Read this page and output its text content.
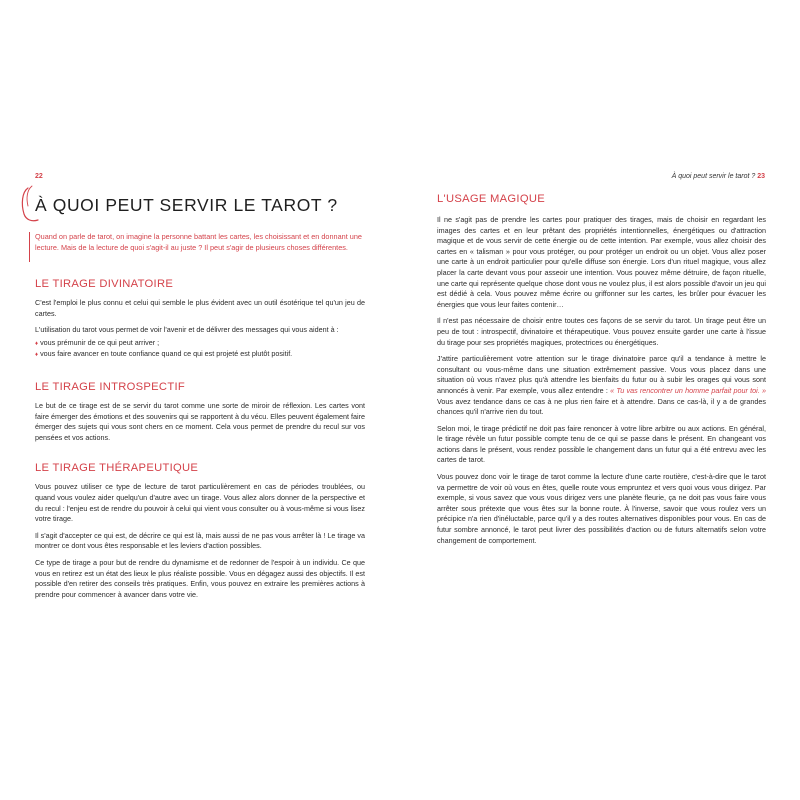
22
À QUOI PEUT SERVIR LE TAROT ?

Quand on parle de tarot, on imagine la personne battant les cartes, les choisissant et en donnant une lecture. Mais de la lecture de quoi s'agit-il au juste ? Il peut s'agir de plusieurs choses différentes.

LE TIRAGE DIVINATOIRE

C'est l'emploi le plus connu et celui qui semble le plus évident avec un outil ésotérique tel qu'un jeu de cartes.

L'utilisation du tarot vous permet de voir l'avenir et de délivrer des messages qui vous aident à :

♦ vous prémunir de ce qui peut arriver ;
♦ vous faire avancer en toute confiance quand ce qui est projeté est plutôt positif.
LE TIRAGE INTROSPECTIF

Le but de ce tirage est de se servir du tarot comme une sorte de miroir de réflexion. Les cartes vont faire émerger des émotions et des souvenirs qui se rapportent à du vécu. Elles peuvent également faire émerger des sujets qui vous sont chers en ce moment. Cela vous permet de prendre du recul sur vos pensées et vos actions.

LE TIRAGE THÉRAPEUTIQUE

Vous pouvez utiliser ce type de lecture de tarot particulièrement en cas de périodes troublées, ou quand vous voulez aider quelqu'un d'autre avec un tirage. Vous allez alors donner de la perspective et du recul : l'enjeu est de rendre du pouvoir à celui qui vient vous consulter ou à vous-même si vous lisez votre tirage.

Il s'agit d'accepter ce qui est, de décrire ce qui est là, mais aussi de ne pas vous arrêter là ! Le tirage va montrer ce dont vous êtes responsable et les leviers d'action possibles.

Ce type de tirage a pour but de rendre du dynamisme et de redonner de l'espoir à un individu. Ce que vous en retirez est un état des lieux le plus réaliste possible. Vous en dégagez aussi des objectifs. Il est possible d'en retirer des conseils très pratiques. Enfin, vous pouvez en extraire les premières actions à prendre pour commencer à avancer dans votre vie.

À quoi peut servir le tarot ? 23
L'USAGE MAGIQUE

Il ne s'agit pas de prendre les cartes pour pratiquer des tirages, mais de choisir en regardant les images des cartes et en leur prêtant des propriétés intentionnelles, énergétiques ou d'attraction magique et de vous servir de cette énergie ou de cette intention. Par exemple, vous allez choisir des cartes en « talisman » pour vous protéger, ou pour protéger un endroit ou un objet. Vous allez poser une carte à un endroit particulier pour qu'elle diffuse son énergie. Lors d'un rituel magique, vous allez placer la carte devant vous pour asseoir une intention. Vous pouvez même détruire, de façon rituelle, une carte qui représente quelque chose dont vous ne voulez plus, il est alors possible d'avoir un jeu qui est dédié à cela. Vous pouvez même écrire ou griffonner sur les cartes, les brûler pour évacuer les énergies que vous leur faites contenir…

Il n'est pas nécessaire de choisir entre toutes ces façons de se servir du tarot. Un tirage peut être un peu de tout : introspectif, divinatoire et thérapeutique. Vous pouvez ensuite garder une carte à l'issue du tirage pour ses propriétés magiques, protectrices ou énergétiques.

J'attire particulièrement votre attention sur le tirage divinatoire parce qu'il a tendance à mettre le consultant ou vous-même dans une situation extrêmement passive. Vous vous placez dans une situation où vous n'avez plus qu'à attendre les bienfaits du futur ou à subir les orages qui vous sont annoncés à venir. Par exemple, vous allez entendre : « Tu vas rencontrer un homme parfait pour toi. » Vous avez tendance dans ce cas à ne plus rien faire et à attendre. Dans ce cas-là, il y a de grandes chances qu'il n'arrive rien du tout.

Selon moi, le tirage prédictif ne doit pas faire renoncer à votre libre arbitre ou aux actions. En général, le tirage révèle un futur possible compte tenu de ce qui se passe dans le présent. En changeant vos actions dans le présent, vous rendez possible le changement dans un futur qui a été entrevu avec les cartes de tarot.

Vous pouvez donc voir le tirage de tarot comme la lecture d'une carte routière, c'est-à-dire que le tarot va permettre de voir où vous en êtes, quelle route vous empruntez et vers quoi vous vous dirigez. Par exemple, si vous savez que vous vous dirigez vers une planète fleurie, ça ne doit pas vous faire vous arrêter sous prétexte que vous êtes sur la bonne route. À l'inverse, savoir que vous roulez vers un précipice n'a rien d'inéluctable, parce qu'il y a des routes alternatives disponibles pour vous. En cas de futur sombre annoncé, le tarot peut livrer des possibilités d'action ou de futurs alternatifs selon votre changement de comportement.
